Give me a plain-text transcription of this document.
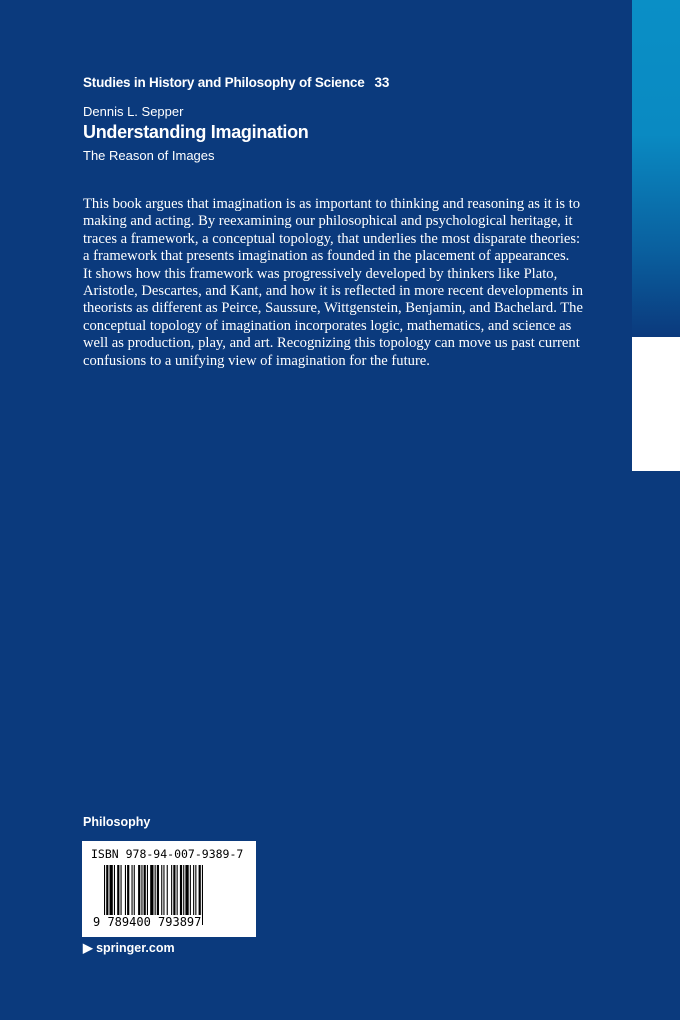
Studies in History and Philosophy of Science 33
Dennis L. Sepper
Understanding Imagination
The Reason of Images
This book argues that imagination is as important to thinking and reasoning as it is to
making and acting. By reexamining our philosophical and psychological heritage, it
traces a framework, a conceptual topology, that underlies the most disparate theories:
a framework that presents imagination as founded in the placement of appearances.
It shows how this framework was progressively developed by thinkers like Plato,
Aristotle, Descartes, and Kant, and how it is reflected in more recent developments in
theorists as different as Peirce, Saussure, Wittgenstein, Benjamin, and Bachelard. The
conceptual topology of imagination incorporates logic, mathematics, and science as
well as production, play, and art. Recognizing this topology can move us past current
confusions to a unifying view of imagination for the future.
Philosophy
ISBN 978-94-007-9389-7
9 789400 793897
▶ springer.com
